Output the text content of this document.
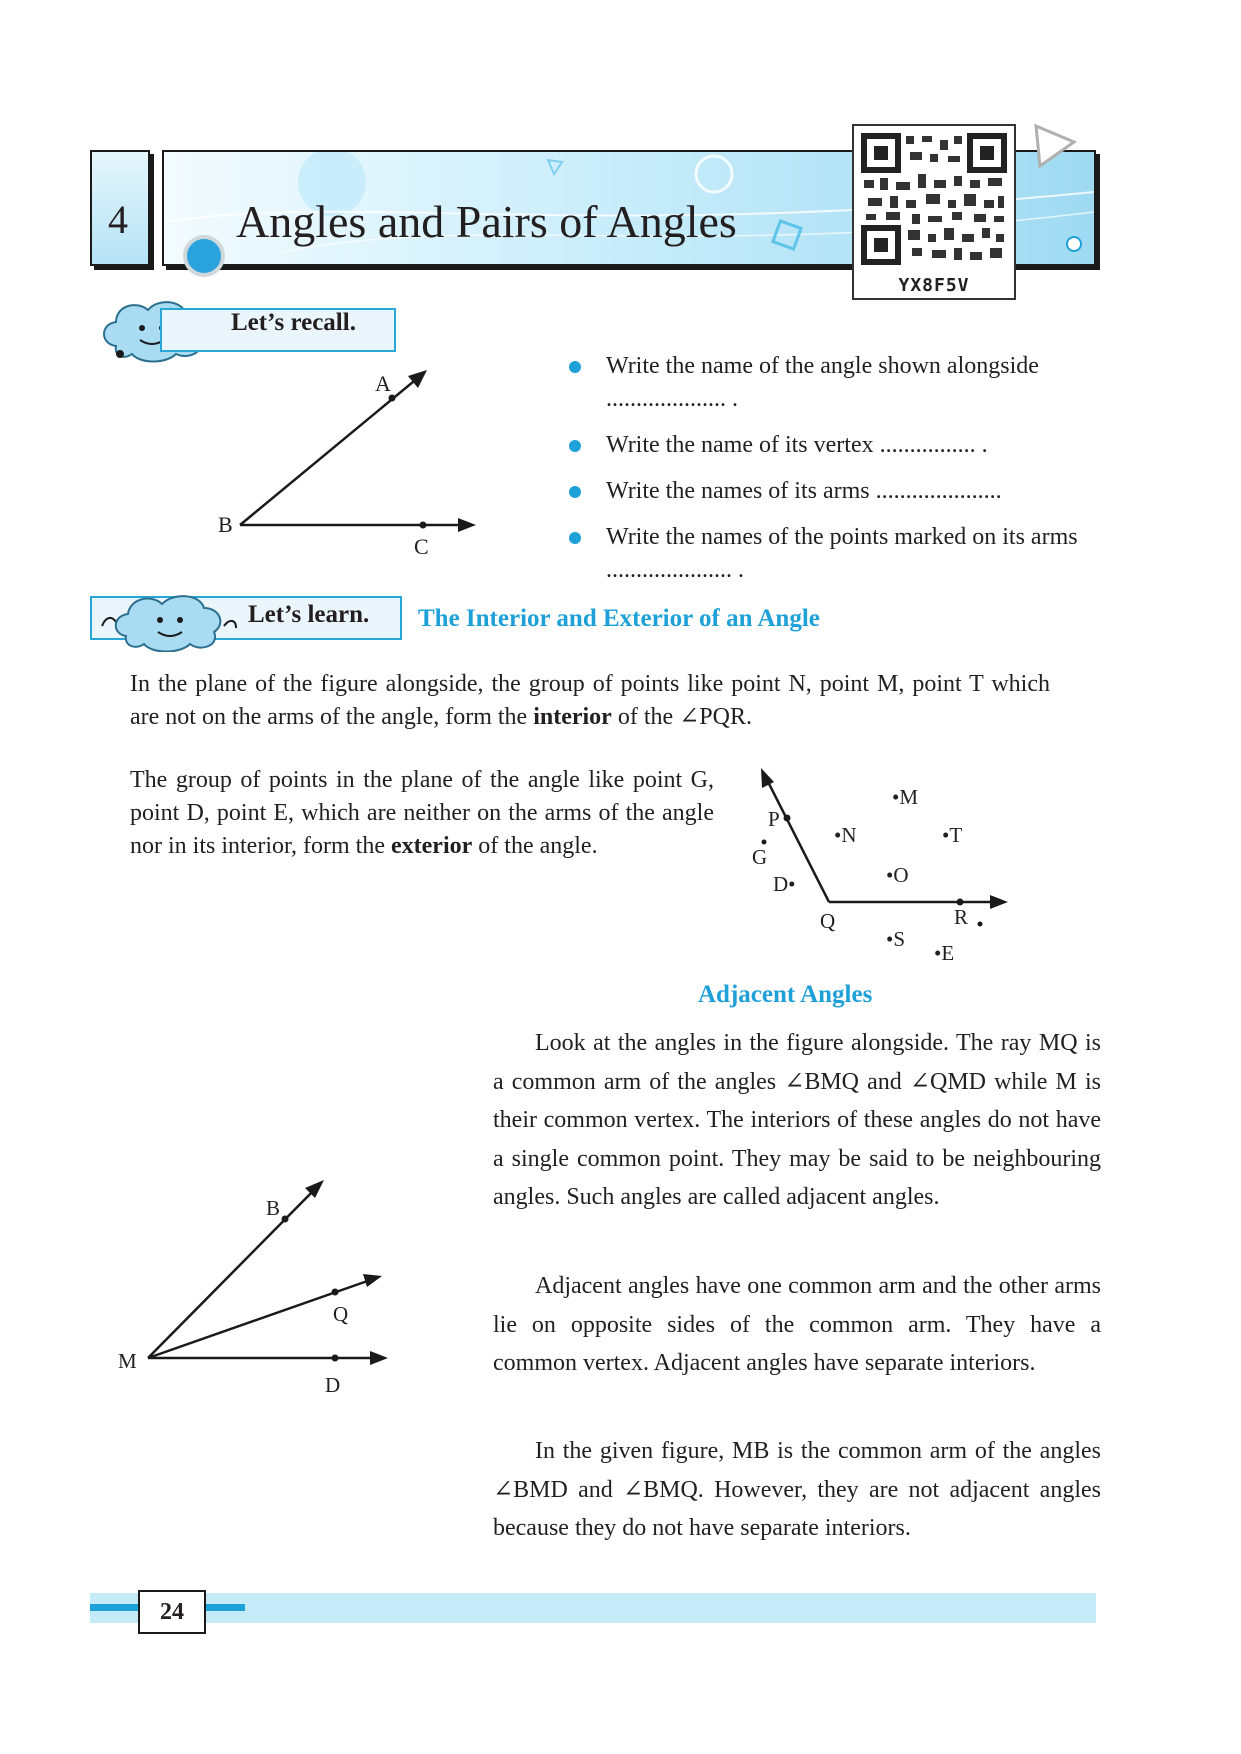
4	Angles and Pairs of Angles
YX8F5V
Let’s recall.
A
B
C
Write the name of the angle shown alongside .................... .
Write the name of its vertex ................ .
Write the names of its arms .....................
Write the names of the points marked on its arms ..................... .
Let’s learn. The Interior and Exterior of an Angle

In the plane of the figure alongside, the group of points like point N, point M, point T which are not on the arms of the angle, form the interior of the ∠PQR.

The group of points in the plane of the angle like point G, point D, point E, which are neither on the arms of the angle nor in its interior, form the exterior of the angle.

P
G
D•
Q	R
•M
•N	•T
•O
•S
•E
Adjacent Angles

Look at the angles in the figure alongside. The ray MQ is a common arm of the angles ∠BMQ and ∠QMD while M is their common vertex. The interiors of these angles do not have a single common point. They may be said to be neighbouring angles. Such angles are called adjacent angles.

Adjacent angles have one common arm and the other arms lie on opposite sides of the common arm. They have a common vertex. Adjacent angles have separate interiors.

In the given figure, MB is the common arm of the angles ∠BMD and ∠BMQ. However, they are not adjacent angles because they do not have separate interiors.

B
Q
M
D
24
